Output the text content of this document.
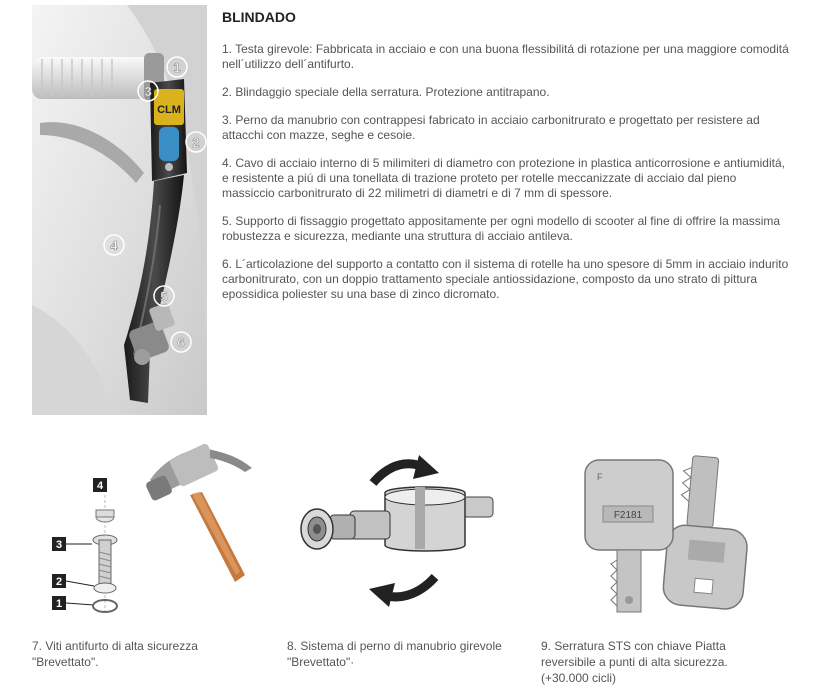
CLM
1
3
2
4
5
6
BLINDADO

1. Testa girevole: Fabbricata in acciaio e con una buona flessibilitá di rotazione per una maggiore comoditá nell´utilizzo dell´antifurto.

2. Blindaggio speciale della serratura. Protezione antitrapano.

3. Perno da manubrio con contrappesi fabricato in acciaio carbonitrurato e progettato per resistere ad attacchi con mazze, seghe e cesoie.

4. Cavo di acciaio interno di 5 milimiteri di diametro con protezione in plastica anticorrosione e antiumiditá, e resistente a piú di una tonellata di trazione proteto per rotelle meccanizzate di acciaio dal pieno massiccio carbonitrurato di 22 milimetri di diametri e di 7 mm di spessore.

5. Supporto di fissaggio progettato appositamente per ogni modello di scooter al fine di offrire la massima robustezza e sicurezza, mediante una struttura di acciaio antileva.

6. L´articolazione del supporto a contatto con il sistema di rotelle ha uno spesore di 5mm in acciaio indurito carbonitrurato, con un doppio trattamento speciale antiossidazione, composto da uno strato di pittura epossidica poliester su una base di zinco dicromato.

4
3
2
1
7. Viti antifurto di alta sicurezza "Brevettato".
8. Sistema di perno di manubrio girevole "Brevettato"·
F
F2181
9. Serratura STS con chiave Piatta reversibile a punti di alta sicurezza. (+30.000 cicli)
